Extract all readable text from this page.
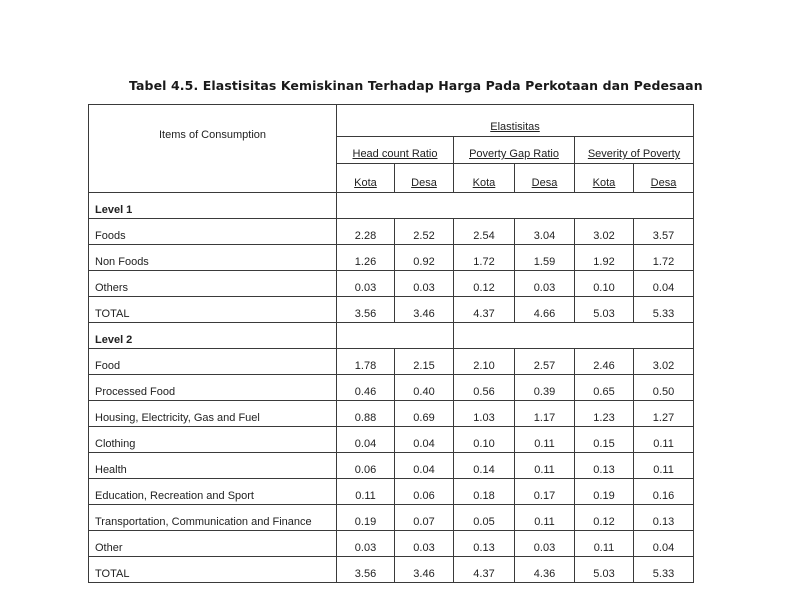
Tabel 4.5. Elastisitas Kemiskinan Terhadap Harga Pada Perkotaan dan Pedesaan
Items of Consumption	Elastisitas					
	Head count Ratio		Poverty Gap Ratio		Severity of Poverty	
	Kota	Desa	Kota	Desa	Kota	Desa
Level 1						
Foods	2.28	2.52	2.54	3.04	3.02	3.57
Non Foods	1.26	0.92	1.72	1.59	1.92	1.72
Others	0.03	0.03	0.12	0.03	0.10	0.04
TOTAL	3.56	3.46	4.37	4.66	5.03	5.33
Level 2						
Food	1.78	2.15	2.10	2.57	2.46	3.02
Processed Food	0.46	0.40	0.56	0.39	0.65	0.50
Housing, Electricity, Gas and Fuel	0.88	0.69	1.03	1.17	1.23	1.27
Clothing	0.04	0.04	0.10	0.11	0.15	0.11
Health	0.06	0.04	0.14	0.11	0.13	0.11
Education, Recreation and Sport	0.11	0.06	0.18	0.17	0.19	0.16
Transportation, Communication and Finance	0.19	0.07	0.05	0.11	0.12	0.13
Other	0.03	0.03	0.13	0.03	0.11	0.04
TOTAL	3.56	3.46	4.37	4.36	5.03	5.33
